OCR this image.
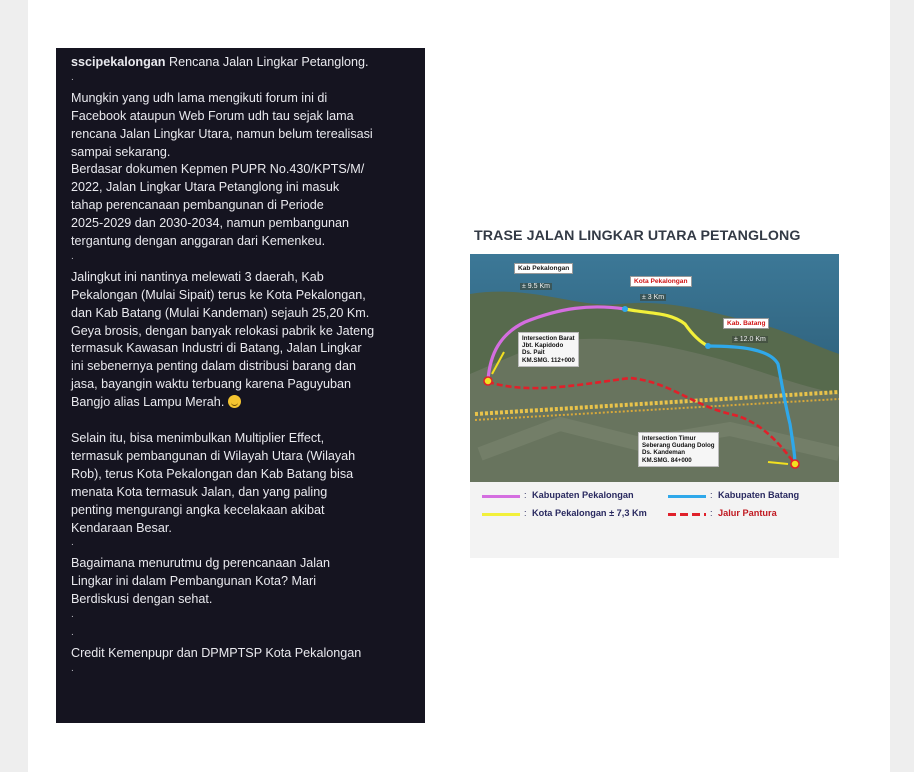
sscipekalongan Rencana Jalan Lingkar Petanglong.

.

Mungkin yang udh lama mengikuti forum ini di

Facebook ataupun Web Forum udh tau sejak lama

rencana Jalan Lingkar Utara, namun belum terealisasi

sampai sekarang.

Berdasar dokumen Kepmen PUPR No.430/KPTS/M/

2022, Jalan Lingkar Utara Petanglong ini masuk

tahap perencanaan pembangunan di Periode

2025-2029 dan 2030-2034, namun pembangunan

tergantung dengan anggaran dari Kemenkeu.

.

Jalingkut ini nantinya melewati 3 daerah, Kab

Pekalongan (Mulai Sipait) terus ke Kota Pekalongan,

dan Kab Batang (Mulai Kandeman) sejauh 25,20 Km.

Geya brosis, dengan banyak relokasi pabrik ke Jateng

termasuk Kawasan Industri di Batang, Jalan Lingkar

ini sebenernya penting dalam distribusi barang dan

jasa, bayangin waktu terbuang karena Paguyuban

Bangjo alias Lampu Merah.

Selain itu, bisa menimbulkan Multiplier Effect,

termasuk pembangunan di Wilayah Utara (Wilayah

Rob), terus Kota Pekalongan dan Kab Batang bisa

menata Kota termasuk Jalan, dan yang paling

penting mengurangi angka kecelakaan akibat

Kendaraan Besar.

.

Bagaimana menurutmu dg perencanaan Jalan

Lingkar ini dalam Pembangunan Kota? Mari

Berdiskusi dengan sehat.

.

.

Credit Kemenpupr dan DPMPTSP Kota Pekalongan

.

TRASE JALAN LINGKAR UTARA PETANGLONG
Kab Pekalongan
Kota Pekalongan
Kab. Batang
± 9.5 Km
± 3 Km
± 12.0 Km
Intersection Barat
Jbt. Kapidodo
Ds. Pait
KM.SMG. 112+000
Intersection Timur
Seberang Gudang Dolog
Ds. Kandeman
KM.SMG. 84+000
: Kabupaten Pekalongan
: Kota Pekalongan ± 7,3 Km
: Kabupaten Batang
: Jalur Pantura
